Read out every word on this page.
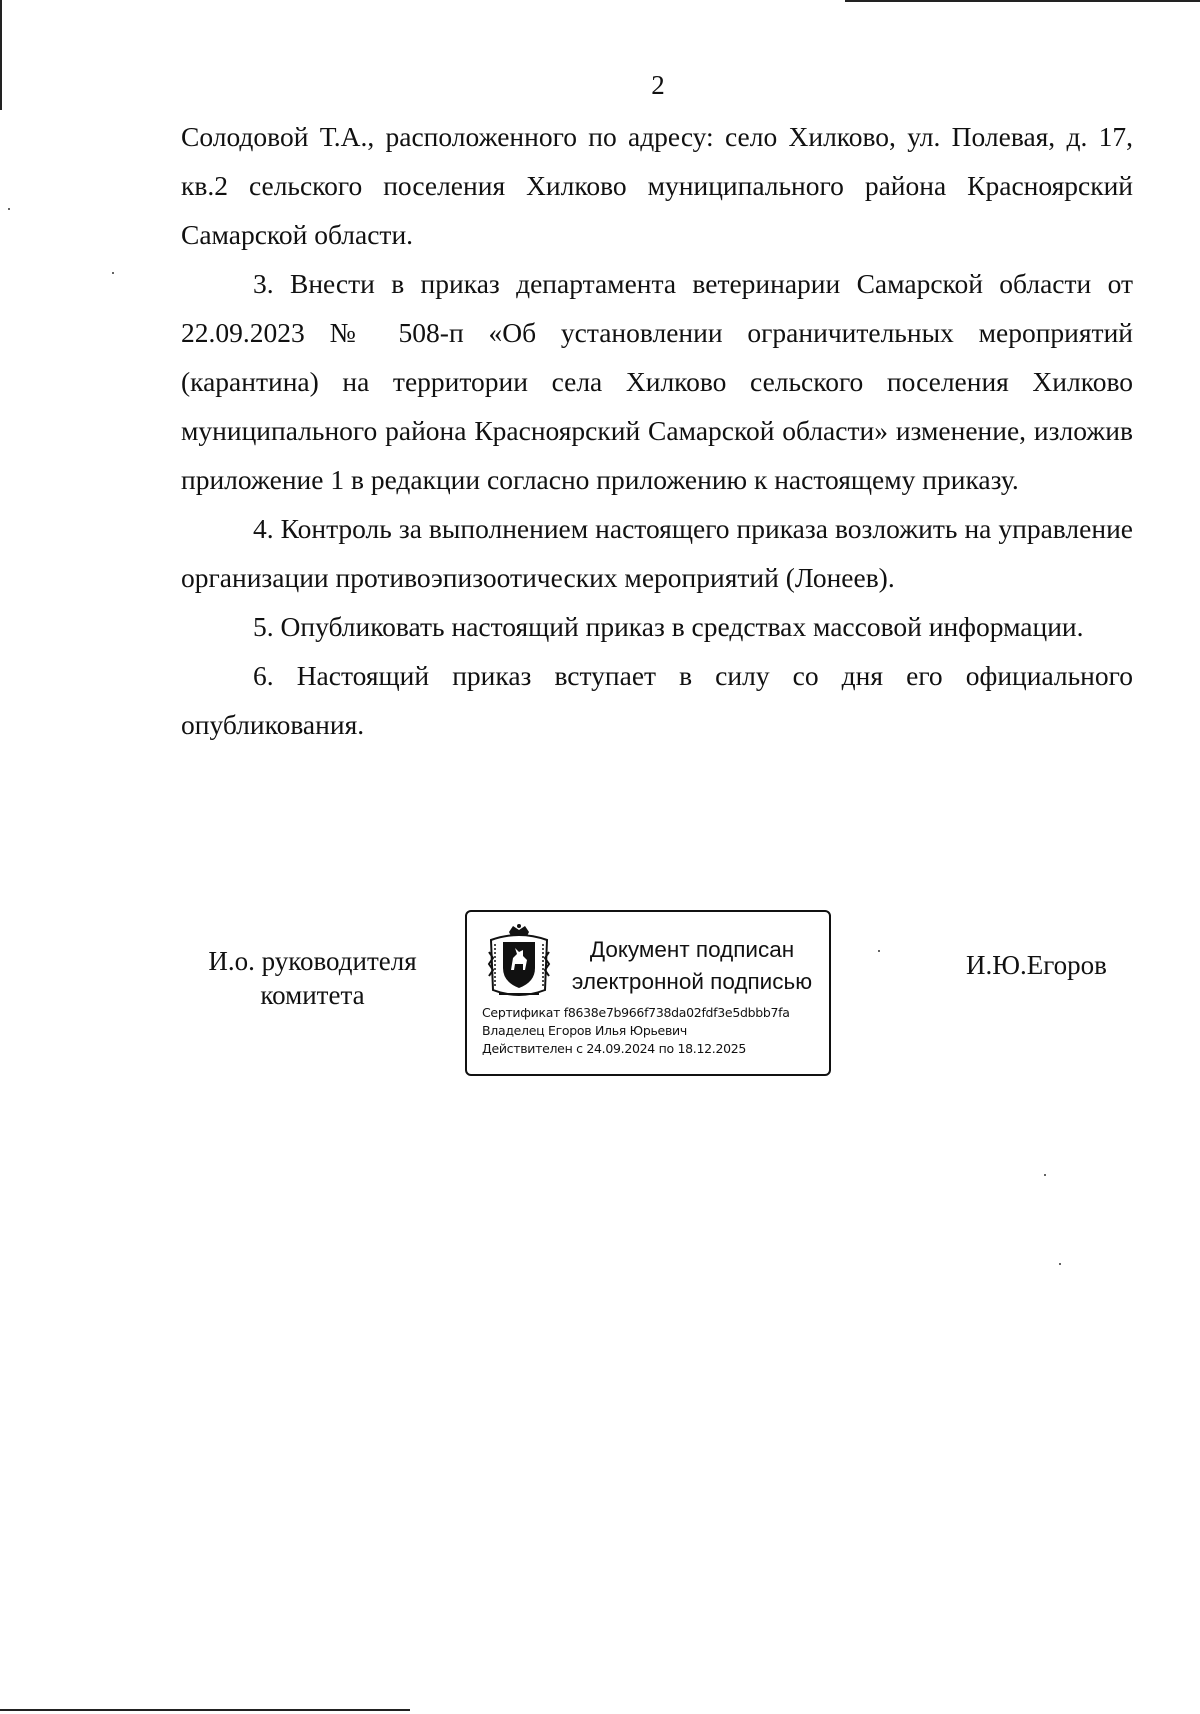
2

Солодовой Т.А., расположенного по адресу: село Хилково, ул. Полевая, д. 17, кв.2 сельского поселения Хилково муниципального района Красноярский Самарской области.

3. Внести в приказ департамента ветеринарии Самарской области от 22.09.2023 № 508-п «Об установлении ограничительных мероприятий (карантина) на территории села Хилково сельского поселения Хилково муниципального района Красноярский Самарской области» изменение, изложив приложение 1 в редакции согласно приложению к настоящему приказу.

4. Контроль за выполнением настоящего приказа возложить на управление организации противоэпизоотических мероприятий (Лонеев).

5. Опубликовать настоящий приказ в средствах массовой информации.

6. Настоящий приказ вступает в силу со дня его официального опубликования.

И.о. руководителя
комитета
Документ подписан
электронной подписью
Сертификат f8638e7b966f738da02fdf3e5dbbb7fa
Владелец Егоров Илья Юрьевич
Действителен с 24.09.2024 по 18.12.2025
И.Ю.Егоров
